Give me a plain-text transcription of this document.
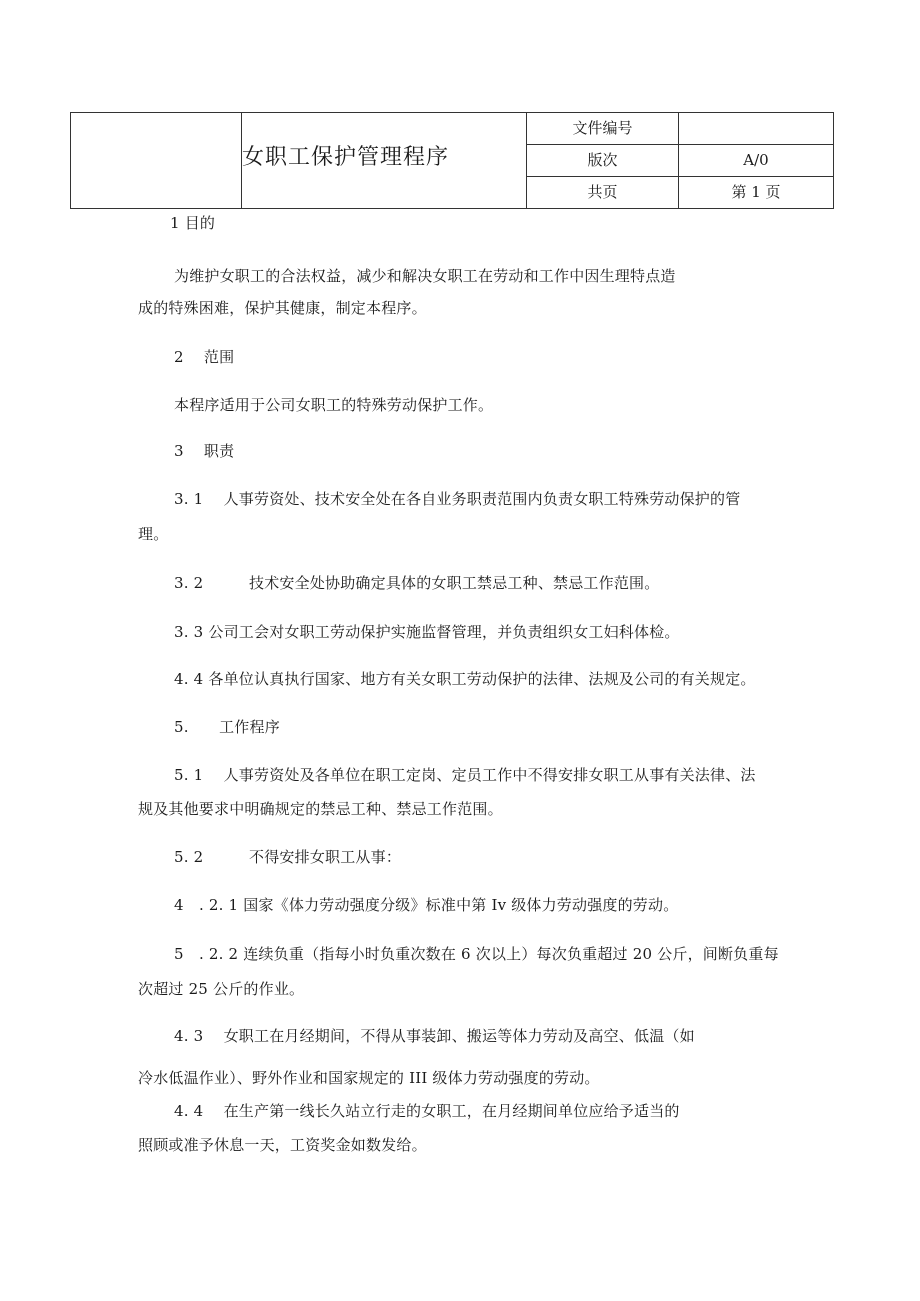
	女职工保护管理程序	文件编号	
		版次	A/0
		共页	第 1 页

1 目的

为维护女职工的合法权益，减少和解决女职工在劳动和工作中因生理特点造

成的特殊困难，保护其健康，制定本程序。

2　 范围

本程序适用于公司女职工的特殊劳动保护工作。

3　 职责

3. 1　 人事劳资处、技术安全处在各自业务职责范围内负责女职工特殊劳动保护的管

理。

3. 2　　　技术安全处协助确定具体的女职工禁忌工种、禁忌工作范围。

3. 3 公司工会对女职工劳动保护实施监督管理，并负责组织女工妇科体检。

4. 4 各单位认真执行国家、地方有关女职工劳动保护的法律、法规及公司的有关规定。

5.　　工作程序

5. 1　 人事劳资处及各单位在职工定岗、定员工作中不得安排女职工从事有关法律、法

规及其他要求中明确规定的禁忌工种、禁忌工作范围。

5. 2　　　不得安排女职工从事：

4　. 2. 1 国家《体力劳动强度分级》标准中第 Iv 级体力劳动强度的劳动。

5　. 2. 2 连续负重（指每小时负重次数在 6 次以上）每次负重超过 20 公斤，间断负重每

次超过 25 公斤的作业。

4. 3　 女职工在月经期间，不得从事装卸、搬运等体力劳动及高空、低温（如

冷水低温作业）、野外作业和国家规定的 III 级体力劳动强度的劳动。

4. 4　 在生产第一线长久站立行走的女职工，在月经期间单位应给予适当的

照顾或准予休息一天，工资奖金如数发给。
